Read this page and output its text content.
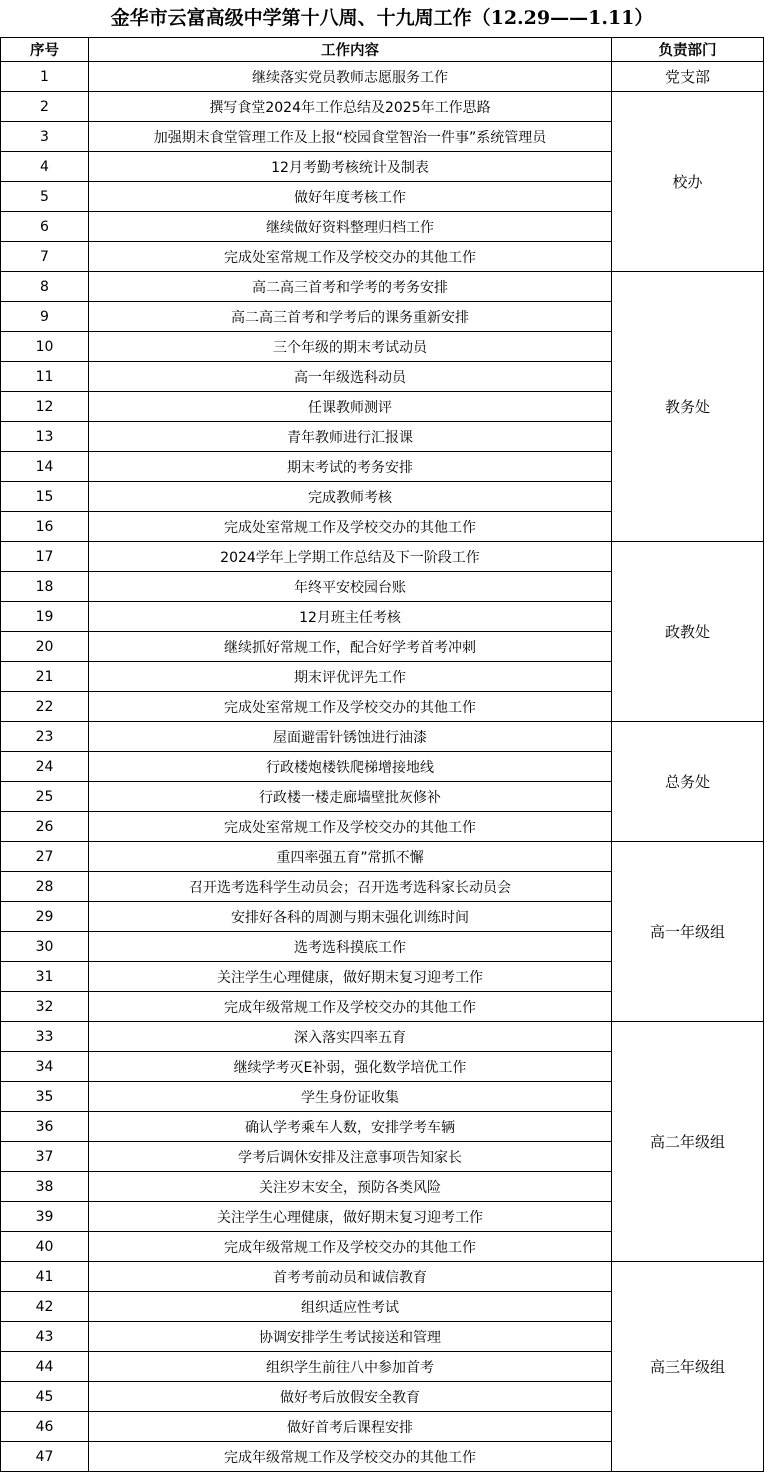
金华市云富高级中学第十八周、十九周工作（12.29——1.11）
序号	工作内容	负责部门
1	继续落实党员教师志愿服务工作	党支部
2	撰写食堂2024年工作总结及2025年工作思路	校办
3	加强期末食堂管理工作及上报“校园食堂智治一件事”系统管理员	
4	12月考勤考核统计及制表	
5	做好年度考核工作	
6	继续做好资料整理归档工作	
7	完成处室常规工作及学校交办的其他工作	
8	高二高三首考和学考的考务安排	教务处
9	高二高三首考和学考后的课务重新安排	
10	三个年级的期末考试动员	
11	高一年级选科动员	
12	任课教师测评	
13	青年教师进行汇报课	
14	期末考试的考务安排	
15	完成教师考核	
16	完成处室常规工作及学校交办的其他工作	
17	2024学年上学期工作总结及下一阶段工作	政教处
18	年终平安校园台账	
19	12月班主任考核	
20	继续抓好常规工作，配合好学考首考冲刺	
21	期末评优评先工作	
22	完成处室常规工作及学校交办的其他工作	
23	屋面避雷针锈蚀进行油漆	总务处
24	行政楼炮楼铁爬梯增接地线	
25	行政楼一楼走廊墙壁批灰修补	
26	完成处室常规工作及学校交办的其他工作	
27	重四率强五育”常抓不懈	高一年级组
28	召开选考选科学生动员会；召开选考选科家长动员会	
29	安排好各科的周测与期末强化训练时间	
30	选考选科摸底工作	
31	关注学生心理健康，做好期末复习迎考工作	
32	完成年级常规工作及学校交办的其他工作	
33	深入落实四率五育	高二年级组
34	继续学考灭E补弱，强化数学培优工作	
35	学生身份证收集	
36	确认学考乘车人数，安排学考车辆	
37	学考后调休安排及注意事项告知家长	
38	关注岁末安全，预防各类风险	
39	关注学生心理健康，做好期末复习迎考工作	
40	完成年级常规工作及学校交办的其他工作	
41	首考考前动员和诚信教育	高三年级组
42	组织适应性考试	
43	协调安排学生考试接送和管理	
44	组织学生前往八中参加首考	
45	做好考后放假安全教育	
46	做好首考后课程安排	
47	完成年级常规工作及学校交办的其他工作	
